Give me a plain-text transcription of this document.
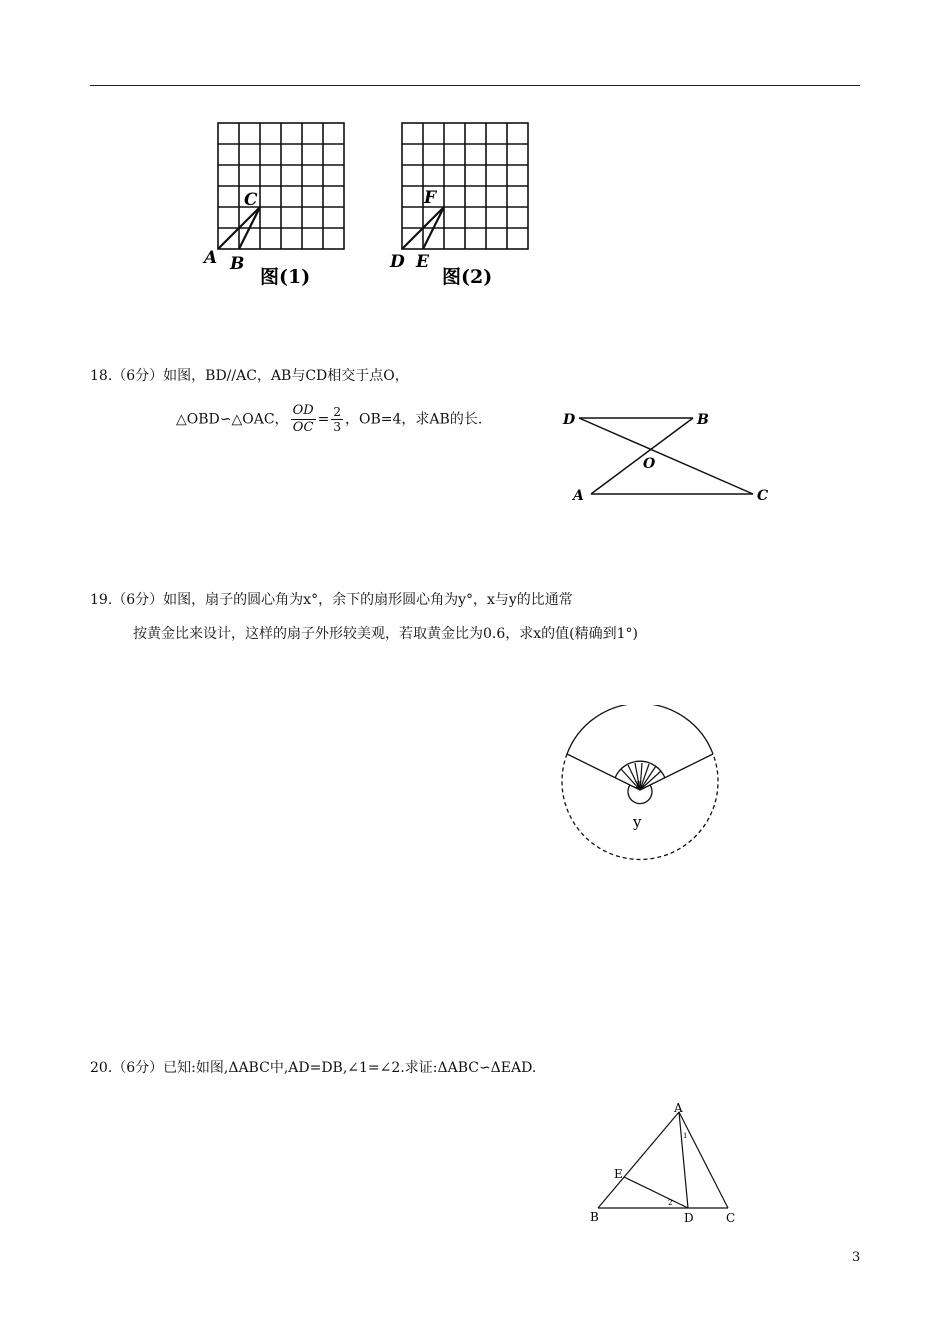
A B
C
图(1)
D E
F
图(2)
18.（6分）如图，BD//AC，AB与CD相交于点O，
△OBD∽△OAC， $\frac{OD}{OC} = \frac{2}{3}$ ，OB=4，求AB的长.	D	B
O
A	C
19.（6分）如图，扇子的圆心角为x°，余下的扇形圆心角为y°，x与y的比通常
按黄金比来设计，这样的扇子外形较美观，若取黄金比为0.6，求x的值(精确到1°)
x
y
20.（6分）已知:如图,ΔABC中,AD=DB,∠1=∠2.求证:ΔABC∽ΔEAD.
A
B	C
D
E
1
2
3
